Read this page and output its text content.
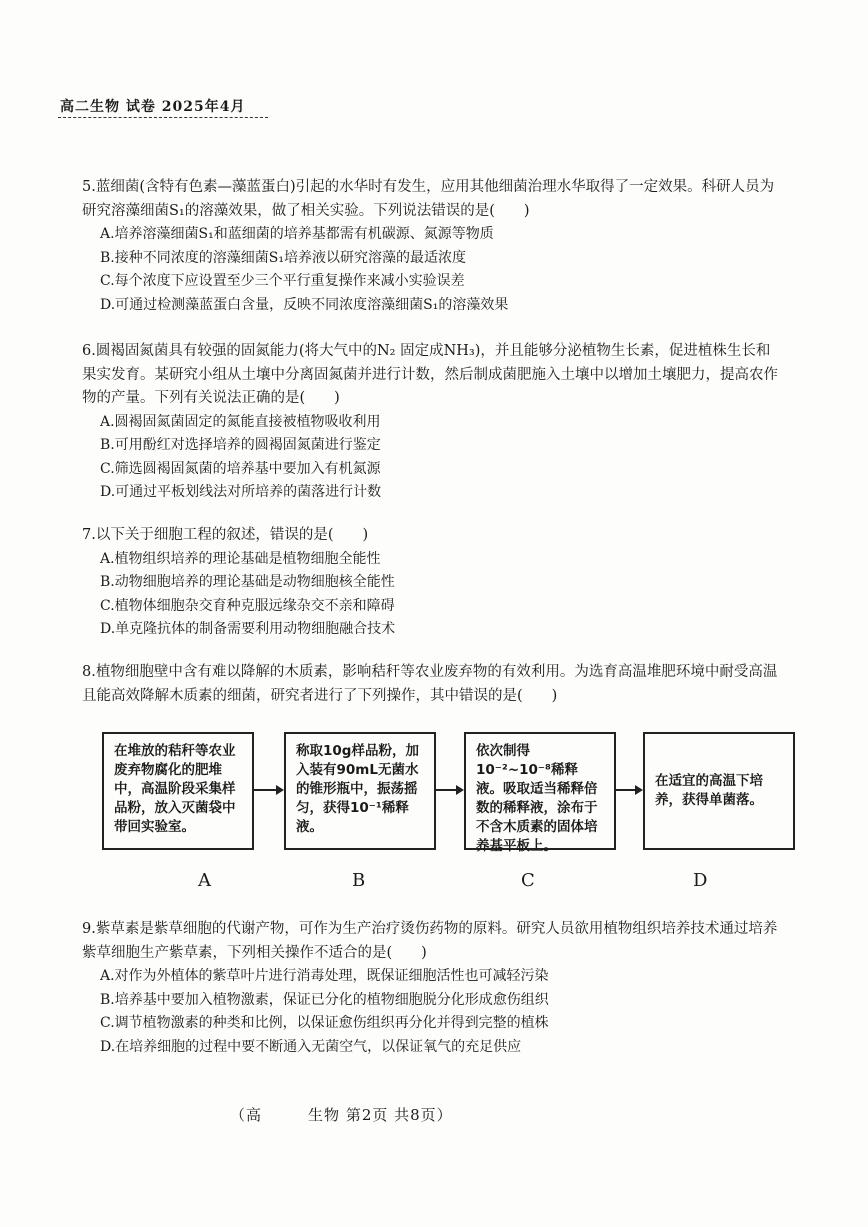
高二生物 试卷 2025年4月
5.蓝细菌(含特有色素—藻蓝蛋白)引起的水华时有发生，应用其他细菌治理水华取得了一定效果。科研人员为研究溶藻细菌S₁的溶藻效果，做了相关实验。下列说法错误的是(　　)
A.培养溶藻细菌S₁和蓝细菌的培养基都需有机碳源、氮源等物质
B.接种不同浓度的溶藻细菌S₁培养液以研究溶藻的最适浓度
C.每个浓度下应设置至少三个平行重复操作来减小实验误差
D.可通过检测藻蓝蛋白含量，反映不同浓度溶藻细菌S₁的溶藻效果
6.圆褐固氮菌具有较强的固氮能力(将大气中的N₂ 固定成NH₃)，并且能够分泌植物生长素，促进植株生长和果实发育。某研究小组从土壤中分离固氮菌并进行计数，然后制成菌肥施入土壤中以增加土壤肥力，提高农作物的产量。下列有关说法正确的是(　　)
A.圆褐固氮菌固定的氮能直接被植物吸收利用
B.可用酚红对选择培养的圆褐固氮菌进行鉴定
C.筛选圆褐固氮菌的培养基中要加入有机氮源
D.可通过平板划线法对所培养的菌落进行计数
7.以下关于细胞工程的叙述，错误的是(　　)
A.植物组织培养的理论基础是植物细胞全能性
B.动物细胞培养的理论基础是动物细胞核全能性
C.植物体细胞杂交育种克服远缘杂交不亲和障碍
D.单克隆抗体的制备需要利用动物细胞融合技术
8.植物细胞壁中含有难以降解的木质素，影响秸秆等农业废弃物的有效利用。为选育高温堆肥环境中耐受高温且能高效降解木质素的细菌，研究者进行了下列操作，其中错误的是(　　)
在堆放的秸秆等农业废弃物腐化的肥堆中，高温阶段采集样品粉，放入灭菌袋中带回实验室。
称取10g样品粉，加入装有90mL无菌水的锥形瓶中，振荡摇匀，获得10⁻¹稀释液。
依次制得10⁻²~10⁻⁸稀释液。吸取适当稀释倍数的稀释液，涂布于不含木质素的固体培养基平板上。
在适宜的高温下培养，获得单菌落。
A	B	C	D
9.紫草素是紫草细胞的代谢产物，可作为生产治疗烫伤药物的原料。研究人员欲用植物组织培养技术通过培养紫草细胞生产紫草素，下列相关操作不适合的是(　　)
A.对作为外植体的紫草叶片进行消毒处理，既保证细胞活性也可减轻污染
B.培养基中要加入植物激素，保证已分化的植物细胞脱分化形成愈伤组织
C.调节植物激素的种类和比例，以保证愈伤组织再分化并得到完整的植株
D.在培养细胞的过程中要不断通入无菌空气，以保证氧气的充足供应
（高	生物 第2页 共8页）
